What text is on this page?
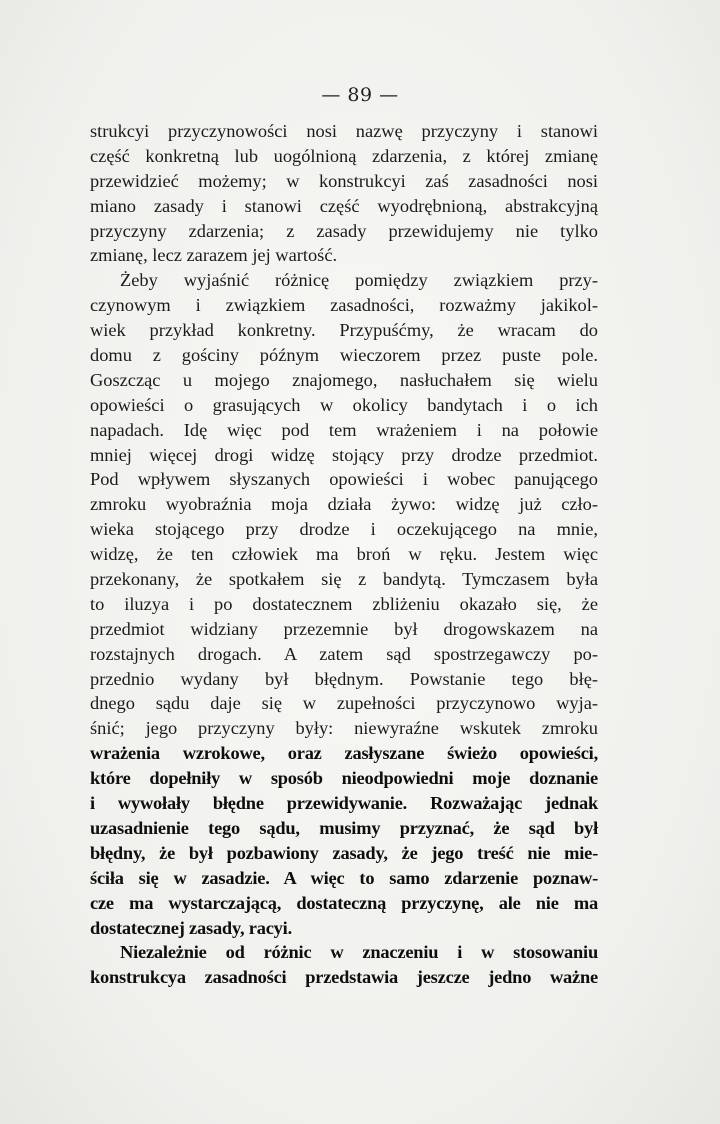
— 89 —
strukcyi przyczynowości nosi nazwę przyczyny i stanowi
część konkretną lub uogólnioną zdarzenia, z której zmianę
przewidzieć możemy; w konstrukcyi zaś zasadności nosi
miano zasady i stanowi część wyodrębnioną, abstrakcyjną
przyczyny zdarzenia; z zasady przewidujemy nie tylko
zmianę, lecz zarazem jej wartość.
Żeby wyjaśnić różnicę pomiędzy związkiem przy-
czynowym i związkiem zasadności, rozważmy jakikol-
wiek przykład konkretny. Przypuśćmy, że wracam do
domu z gościny późnym wieczorem przez puste pole.
Goszcząc u mojego znajomego, nasłuchałem się wielu
opowieści o grasujących w okolicy bandytach i o ich
napadach. Idę więc pod tem wrażeniem i na połowie
mniej więcej drogi widzę stojący przy drodze przedmiot.
Pod wpływem słyszanych opowieści i wobec panującego
zmroku wyobraźnia moja działa żywo: widzę już czło-
wieka stojącego przy drodze i oczekującego na mnie,
widzę, że ten człowiek ma broń w ręku. Jestem więc
przekonany, że spotkałem się z bandytą. Tymczasem była
to iluzya i po dostatecznem zbliżeniu okazało się, że
przedmiot widziany przezemnie był drogowskazem na
rozstajnych drogach. A zatem sąd spostrzegawczy po-
przednio wydany był błędnym. Powstanie tego błę-
dnego sądu daje się w zupełności przyczynowo wyja-
śnić; jego przyczyny były: niewyraźne wskutek zmroku
wrażenia wzrokowe, oraz zasłyszane świeżo opowieści,
które dopełniły w sposób nieodpowiedni moje doznanie
i wywołały błędne przewidywanie. Rozważając jednak
uzasadnienie tego sądu, musimy przyznać, że sąd był
błędny, że był pozbawiony zasady, że jego treść nie mie-
ściła się w zasadzie. A więc to samo zdarzenie poznaw-
cze ma wystarczającą, dostateczną przyczynę, ale nie ma
dostatecznej zasady, racyi.
Niezależnie od różnic w znaczeniu i w stosowaniu
konstrukcya zasadności przedstawia jeszcze jedno ważne
